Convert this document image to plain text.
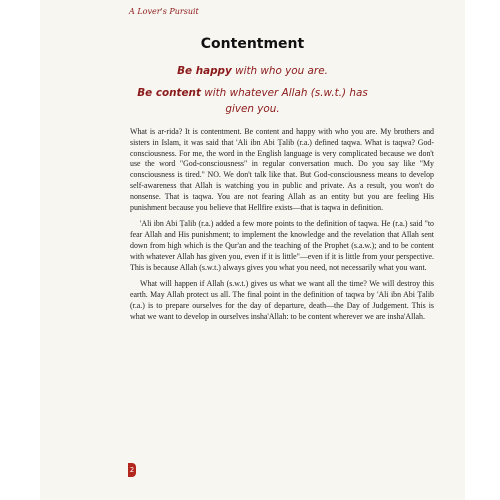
A Lover's Pursuit
Contentment
Be happy with who you are.
Be content with whatever Allah (s.w.t.) has
given you.

What is ar-rida? It is contentment. Be content and happy with who you are. My brothers and sisters in Islam, it was said that 'Ali ibn Abi Ṭalib (r.a.) defined taqwa. What is taqwa? God-consciousness. For me, the word in the English language is very complicated because we don't use the word "God-consciousness" in regular conversation much. Do you say like "My consciousness is tired." NO. We don't talk like that. But God-consciousness means to develop self-awareness that Allah is watching you in public and private. As a result, you won't do nonsense. That is taqwa. You are not fearing Allah as an entity but you are feeling His punishment because you believe that Hellfire exists—that is taqwa in definition.

'Ali ibn Abi Ṭalib (r.a.) added a few more points to the definition of taqwa. He (r.a.) said "to fear Allah and His punishment; to implement the knowledge and the revelation that Allah sent down from high which is the Qur'an and the teaching of the Prophet (s.a.w.); and to be content with whatever Allah has given you, even if it is little"—even if it is little from your perspective. This is because Allah (s.w.t.) always gives you what you need, not necessarily what you want.

What will happen if Allah (s.w.t.) gives us what we want all the time? We will destroy this earth. May Allah protect us all. The final point in the definition of taqwa by 'Ali ibn Abi Ṭalib (r.a.) is to prepare ourselves for the day of departure, death—the Day of Judgement. This is what we want to develop in ourselves insha'Allah: to be content wherever we are insha'Allah.

2
